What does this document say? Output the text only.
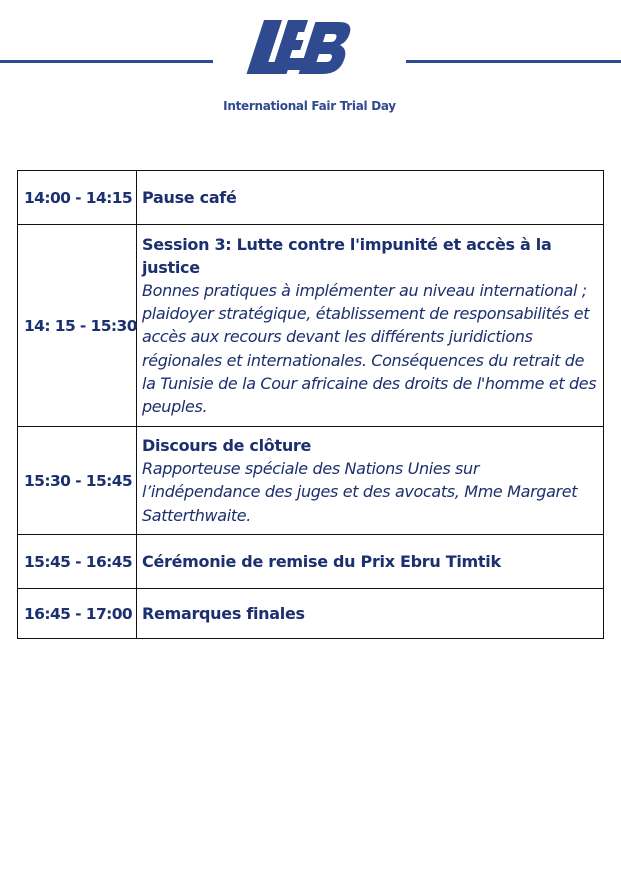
International Fair Trial Day
14:00 - 14:15	Pause café

14: 15 - 15:30	Session 3: Lutte contre l'impunité et accès à la justice
Bonnes pratiques à implémenter au niveau international ; plaidoyer stratégique, établissement de responsabilités et accès aux recours devant les différents juridictions régionales et internationales. Conséquences du retrait de la Tunisie de la Cour africaine des droits de l'homme et des peuples.

15:30 - 15:45	Discours de clôture
Rapporteuse spéciale des Nations Unies sur l’indépendance des juges et des avocats, Mme Margaret Satterthwaite.

15:45 - 16:45	Cérémonie de remise du Prix Ebru Timtik

16:45 - 17:00	Remarques finales
